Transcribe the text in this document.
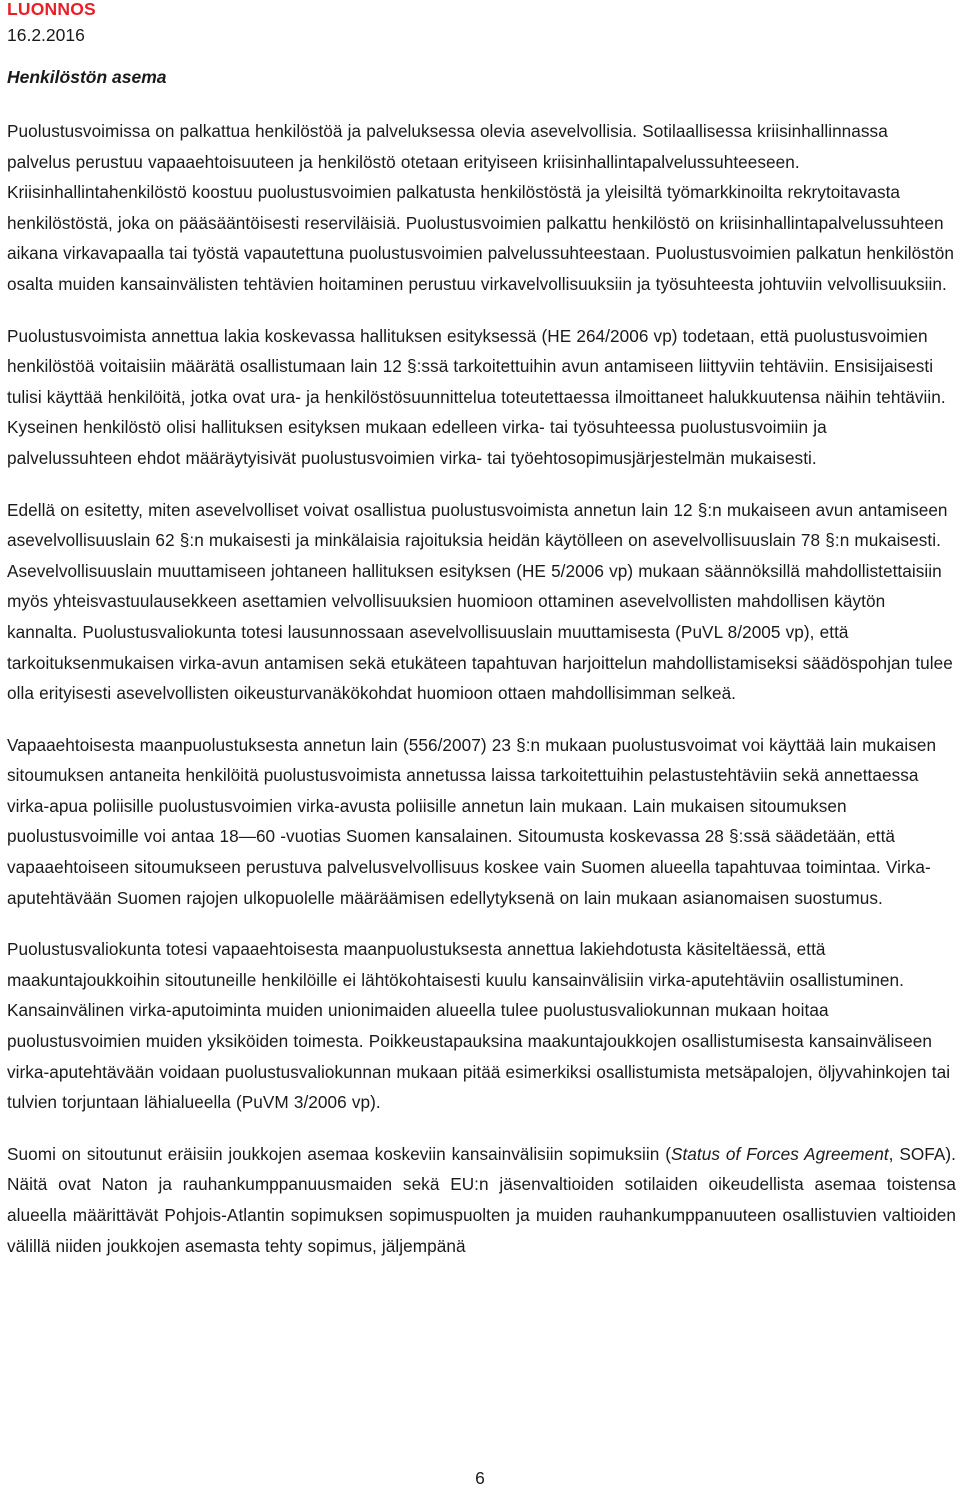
LUONNOS
16.2.2016
Henkilöstön asema

Puolustusvoimissa on palkattua henkilöstöä ja palveluksessa olevia asevelvollisia. Sotilaallisessa kriisinhallinnassa palvelus perustuu vapaaehtoisuuteen ja henkilöstö otetaan erityiseen kriisinhallintapalvelussuhteeseen. Kriisinhallintahenkilöstö koostuu puolustusvoimien palkatusta henkilöstöstä ja yleisiltä työmarkkinoilta rekrytoitavasta henkilöstöstä, joka on pääsääntöisesti reserviläisiä. Puolustusvoimien palkattu henkilöstö on kriisinhallintapalvelussuhteen aikana virkavapaalla tai työstä vapautettuna puolustusvoimien palvelussuhteestaan. Puolustusvoimien palkatun henkilöstön osalta muiden kansainvälisten tehtävien hoitaminen perustuu virkavelvollisuuksiin ja työsuhteesta johtuviin velvollisuuksiin.

Puolustusvoimista annettua lakia koskevassa hallituksen esityksessä (HE 264/2006 vp) todetaan, että puolustusvoimien henkilöstöä voitaisiin määrätä osallistumaan lain 12 §:ssä tarkoitettuihin avun antamiseen liittyviin tehtäviin. Ensisijaisesti tulisi käyttää henkilöitä, jotka ovat ura- ja henkilöstösuunnittelua toteutettaessa ilmoittaneet halukkuutensa näihin tehtäviin. Kyseinen henkilöstö olisi hallituksen esityksen mukaan edelleen virka- tai työsuhteessa puolustusvoimiin ja palvelussuhteen ehdot määräytyisivät puolustusvoimien virka- tai työehtosopimusjärjestelmän mukaisesti.

Edellä on esitetty, miten asevelvolliset voivat osallistua puolustusvoimista annetun lain 12 §:n mukaiseen avun antamiseen asevelvollisuuslain 62 §:n mukaisesti ja minkälaisia rajoituksia heidän käytölleen on asevelvollisuuslain 78 §:n mukaisesti. Asevelvollisuuslain muuttamiseen johtaneen hallituksen esityksen (HE 5/2006 vp) mukaan säännöksillä mahdollistettaisiin myös yhteisvastuulausekkeen asettamien velvollisuuksien huomioon ottaminen asevelvollisten mahdollisen käytön kannalta. Puolustusvaliokunta totesi lausunnossaan asevelvollisuuslain muuttamisesta (PuVL 8/2005 vp), että tarkoituksenmukaisen virka-avun antamisen sekä etukäteen tapahtuvan harjoittelun mahdollistamiseksi säädöspohjan tulee olla erityisesti asevelvollisten oikeusturvanäkökohdat huomioon ottaen mahdollisimman selkeä.

Vapaaehtoisesta maanpuolustuksesta annetun lain (556/2007) 23 §:n mukaan puolustusvoimat voi käyttää lain mukaisen sitoumuksen antaneita henkilöitä puolustusvoimista annetussa laissa tarkoitettuihin pelastustehtäviin sekä annettaessa virka-apua poliisille puolustusvoimien virka-avusta poliisille annetun lain mukaan. Lain mukaisen sitoumuksen puolustusvoimille voi antaa 18—60 -vuotias Suomen kansalainen. Sitoumusta koskevassa 28 §:ssä säädetään, että vapaaehtoiseen sitoumukseen perustuva palvelusvelvollisuus koskee vain Suomen alueella tapahtuvaa toimintaa. Virka-aputehtävään Suomen rajojen ulkopuolelle määräämisen edellytyksenä on lain mukaan asianomaisen suostumus.

Puolustusvaliokunta totesi vapaaehtoisesta maanpuolustuksesta annettua lakiehdotusta käsiteltäessä, että maakuntajoukkoihin sitoutuneille henkilöille ei lähtökohtaisesti kuulu kansainvälisiin virka-aputehtäviin osallistuminen. Kansainvälinen virka-aputoiminta muiden unionimaiden alueella tulee puolustusvaliokunnan mukaan hoitaa puolustusvoimien muiden yksiköiden toimesta. Poikkeustapauksina maakuntajoukkojen osallistumisesta kansainväliseen virka-aputehtävään voidaan puolustusvaliokunnan mukaan pitää esimerkiksi osallistumista metsäpalojen, öljyvahinkojen tai tulvien torjuntaan lähialueella (PuVM 3/2006 vp).

Suomi on sitoutunut eräisiin joukkojen asemaa koskeviin kansainvälisiin sopimuksiin (Status of Forces Agreement, SOFA). Näitä ovat Naton ja rauhankumppanuusmaiden sekä EU:n jäsenvaltioiden sotilaiden oikeudellista asemaa toistensa alueella määrittävät Pohjois-Atlantin sopimuksen sopimuspuolten ja muiden rauhankumppanuuteen osallistuvien valtioiden välillä niiden joukkojen asemasta tehty sopimus, jäljempänä

6
